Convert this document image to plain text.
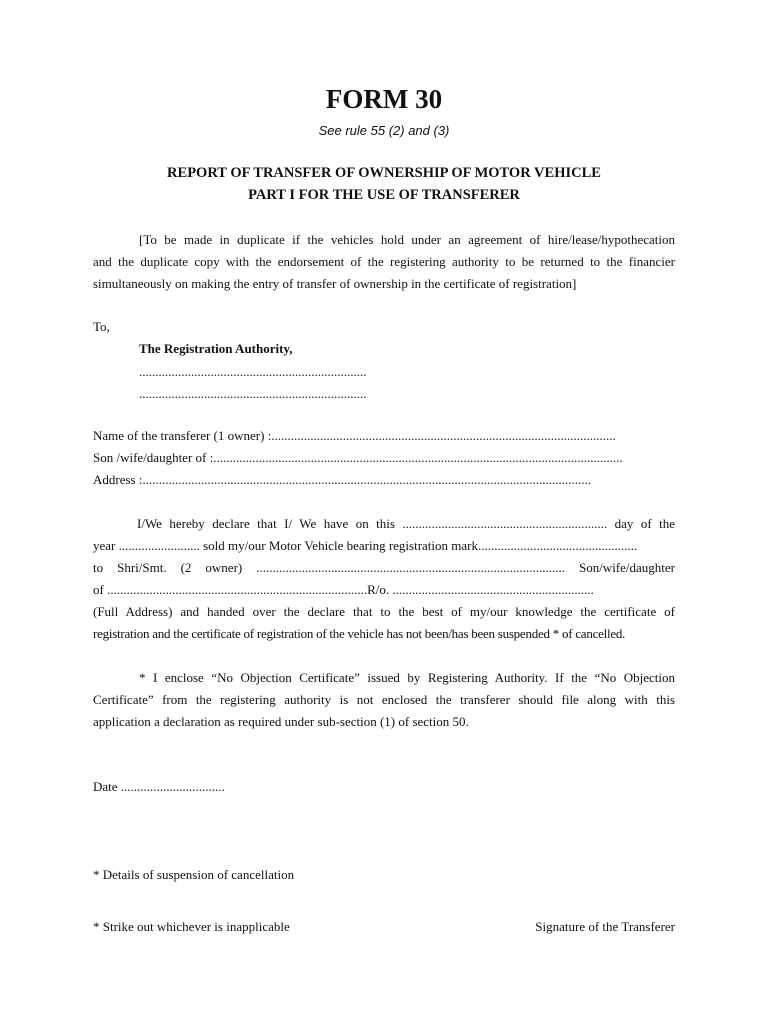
FORM 30
See rule 55 (2) and (3)
REPORT OF TRANSFER OF OWNERSHIP OF MOTOR VEHICLE
PART I FOR THE USE OF TRANSFERER
[To be made in duplicate if the vehicles hold under an agreement of hire/lease/hypothecation
and the duplicate copy with the endorsement of the registering authority to be returned to the financier
simultaneously on making the entry of transfer of ownership in the certificate of registration]
To,
The Registration Authority,
......................................................................
......................................................................
Name of the transferer (1 owner) :..........................................................................................................
Son /wife/daughter of :..............................................................................................................................
Address :..........................................................................................................................................
I/We hereby declare that I/ We have on this ............................................................... day of the
year ......................... sold my/our Motor Vehicle bearing registration mark.................................................
to Shri/Smt. (2 owner) ............................................................................................... Son/wife/daughter
of ................................................................................R/o. ..............................................................
(Full Address) and handed over the declare that to the best of my/our knowledge the certificate of
registration and the certificate of registration of the vehicle has not been/has been suspended * of cancelled.
* I enclose “No Objection Certificate” issued by Registering Authority. If the “No Objection
Certificate” from the registering authority is not enclosed the transferer should file along with this
application a declaration as required under sub-section (1) of section 50.
Date ................................
* Details of suspension of cancellation
* Strike out whichever is inapplicable	Signature of the Transferer
